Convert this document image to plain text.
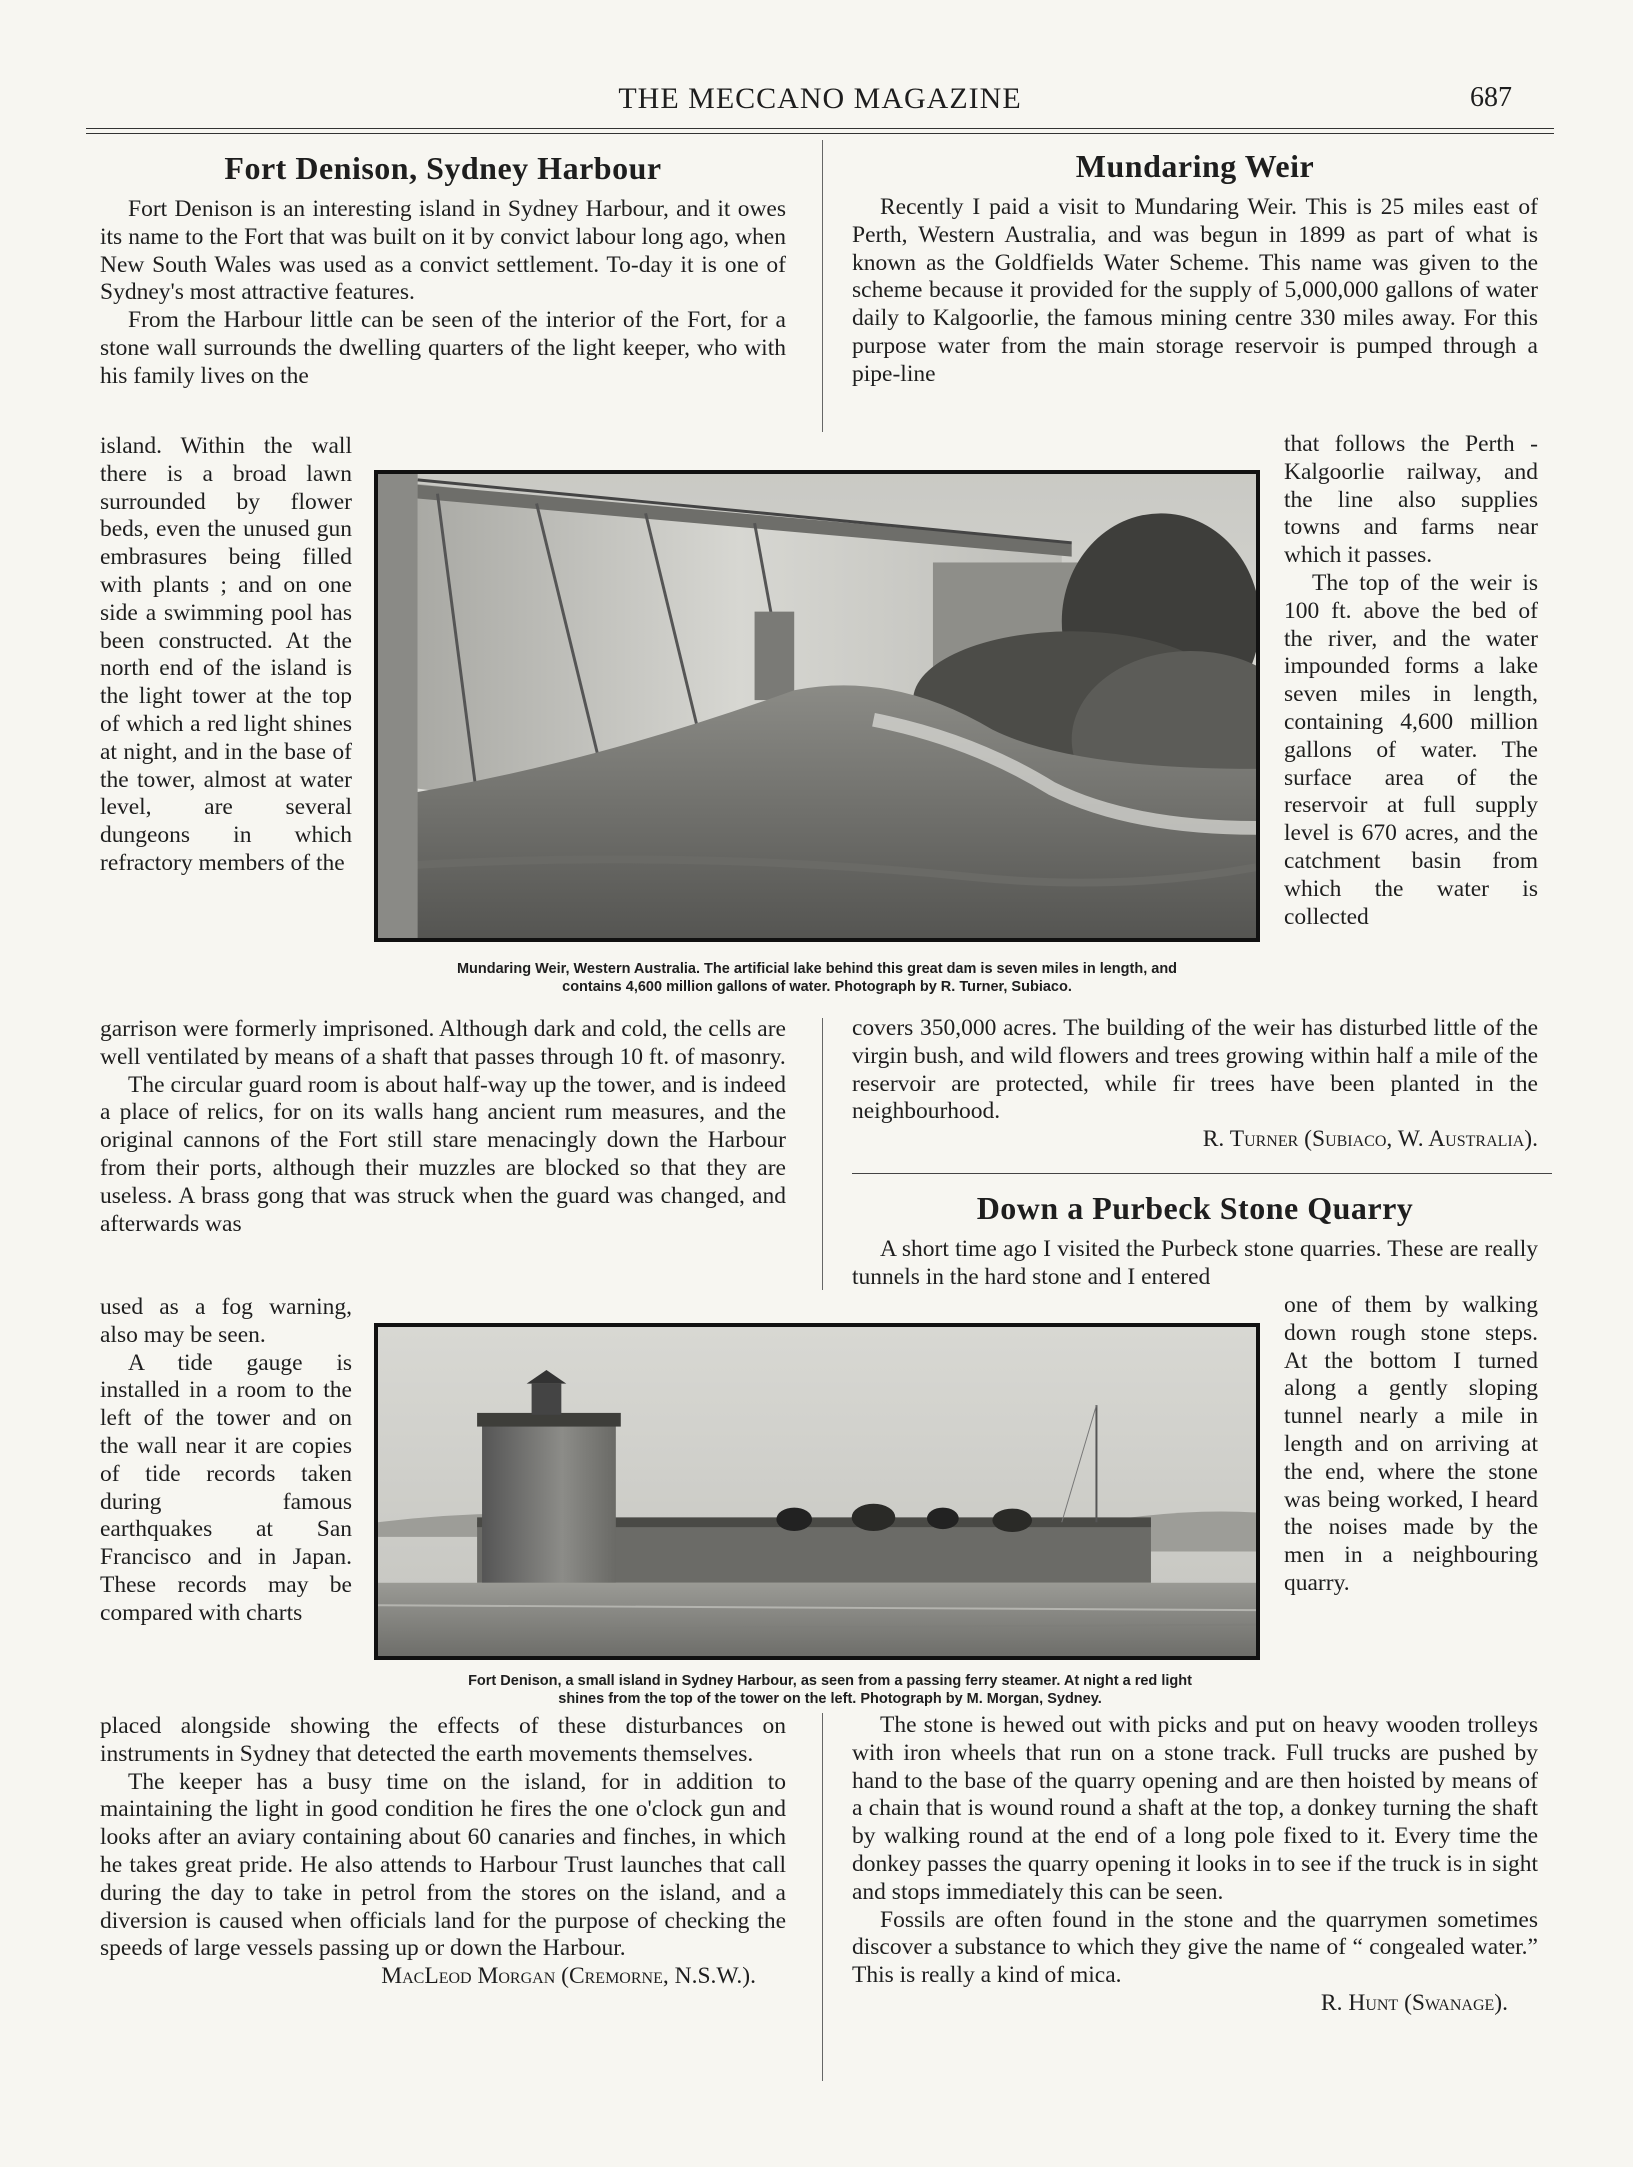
THE MECCANO MAGAZINE	687
Fort Denison, Sydney Harbour

Fort Denison is an interesting island in Sydney Harbour, and it owes its name to the Fort that was built on it by convict labour long ago, when New South Wales was used as a convict settlement. To-day it is one of Sydney's most attractive features.

From the Harbour little can be seen of the interior of the Fort, for a stone wall surrounds the dwelling quarters of the light keeper, who with his family lives on the

island. Within the wall there is a broad lawn surrounded by flower beds, even the unused gun embrasures being filled with plants ; and on one side a swimming pool has been constructed. At the north end of the island is the light tower at the top of which a red light shines at night, and in the base of the tower, almost at water level, are several dungeons in which refractory members of the

garrison were formerly imprisoned. Although dark and cold, the cells are well ventilated by means of a shaft that passes through 10 ft. of masonry.

The circular guard room is about half-way up the tower, and is indeed a place of relics, for on its walls hang ancient rum measures, and the original cannons of the Fort still stare menacingly down the Harbour from their ports, although their muzzles are blocked so that they are useless. A brass gong that was struck when the guard was changed, and afterwards was

used as a fog warning, also may be seen.

A tide gauge is installed in a room to the left of the tower and on the wall near it are copies of tide records taken during famous earthquakes at San Francisco and in Japan. These records may be compared with charts

placed alongside showing the effects of these disturbances on instruments in Sydney that detected the earth movements themselves.

The keeper has a busy time on the island, for in addition to maintaining the light in good condition he fires the one o'clock gun and looks after an aviary containing about 60 canaries and finches, in which he takes great pride. He also attends to Harbour Trust launches that call during the day to take in petrol from the stores on the island, and a diversion is caused when officials land for the purpose of checking the speeds of large vessels passing up or down the Harbour.

MacLeod Morgan (Cremorne, N.S.W.).

Mundaring Weir

Recently I paid a visit to Mundaring Weir. This is 25 miles east of Perth, Western Australia, and was begun in 1899 as part of what is known as the Goldfields Water Scheme. This name was given to the scheme because it provided for the supply of 5,000,000 gallons of water daily to Kalgoorlie, the famous mining centre 330 miles away. For this purpose water from the main storage reservoir is pumped through a pipe-line

that follows the Perth - Kalgoorlie railway, and the line also supplies towns and farms near which it passes.

The top of the weir is 100 ft. above the bed of the river, and the water impounded forms a lake seven miles in length, containing 4,600 million gallons of water. The surface area of the reservoir at full supply level is 670 acres, and the catchment basin from which the water is collected

covers 350,000 acres. The building of the weir has disturbed little of the virgin bush, and wild flowers and trees growing within half a mile of the reservoir are protected, while fir trees have been planted in the neighbourhood.

R. Turner (Subiaco, W. Australia).

Down a Purbeck Stone Quarry

A short time ago I visited the Purbeck stone quarries. These are really tunnels in the hard stone and I entered

one of them by walking down rough stone steps. At the bottom I turned along a gently sloping tunnel nearly a mile in length and on arriving at the end, where the stone was being worked, I heard the noises made by the men in a neighbouring quarry.

The stone is hewed out with picks and put on heavy wooden trolleys with iron wheels that run on a stone track. Full trucks are pushed by hand to the base of the quarry opening and are then hoisted by means of a chain that is wound round a shaft at the top, a donkey turning the shaft by walking round at the end of a long pole fixed to it. Every time the donkey passes the quarry opening it looks in to see if the truck is in sight and stops immediately this can be seen.

Fossils are often found in the stone and the quarrymen sometimes discover a substance to which they give the name of “ congealed water.” This is really a kind of mica.

R. Hunt (Swanage).

Mundaring Weir, Western Australia. The artificial lake behind this great dam is seven miles in length, and
contains 4,600 million gallons of water. Photograph by R. Turner, Subiaco.
Fort Denison, a small island in Sydney Harbour, as seen from a passing ferry steamer. At night a red light
shines from the top of the tower on the left. Photograph by M. Morgan, Sydney.
